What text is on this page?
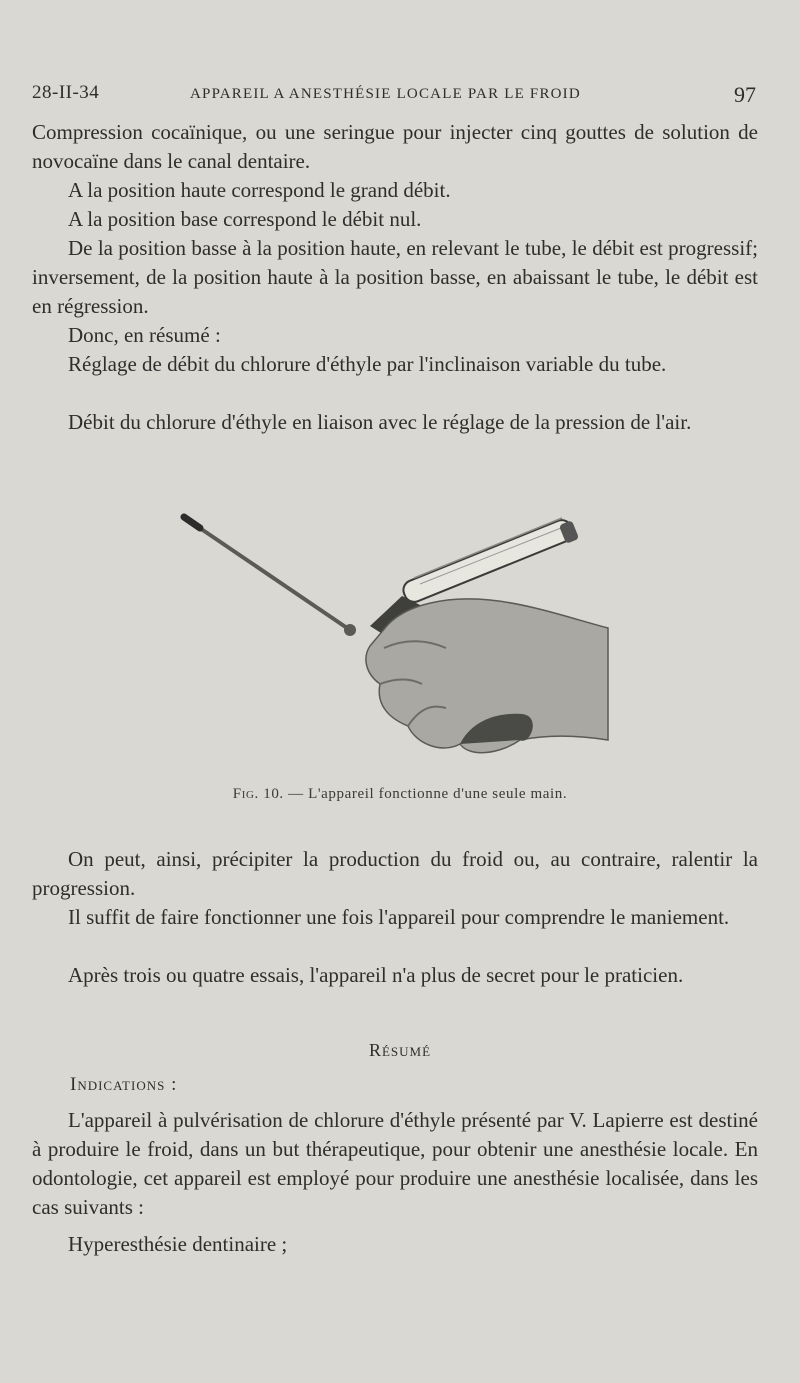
28-II-34	APPAREIL A ANESTHÉSIE LOCALE PAR LE FROID	97

Compression cocaïnique, ou une seringue pour injecter cinq gouttes de solution de novocaïne dans le canal dentaire.

A la position haute correspond le grand débit.

A la position base correspond le débit nul.

De la position basse à la position haute, en relevant le tube, le débit est progressif; inversement, de la position haute à la position basse, en abaissant le tube, le débit est en régression.

Donc, en résumé :

Réglage de débit du chlorure d'éthyle par l'inclinaison variable du tube.

Débit du chlorure d'éthyle en liaison avec le réglage de la pression de l'air.

Fig. 10. — L'appareil fonctionne d'une seule main.

On peut, ainsi, précipiter la production du froid ou, au contraire, ralentir la progression.

Il suffit de faire fonctionner une fois l'appareil pour comprendre le maniement.

Après trois ou quatre essais, l'appareil n'a plus de secret pour le praticien.

Résumé
Indications :

L'appareil à pulvérisation de chlorure d'éthyle présenté par V. Lapierre est destiné à produire le froid, dans un but thérapeutique, pour obtenir une anesthésie locale. En odontologie, cet appareil est employé pour produire une anesthésie localisée, dans les cas suivants :

Hyperesthésie dentinaire ;
